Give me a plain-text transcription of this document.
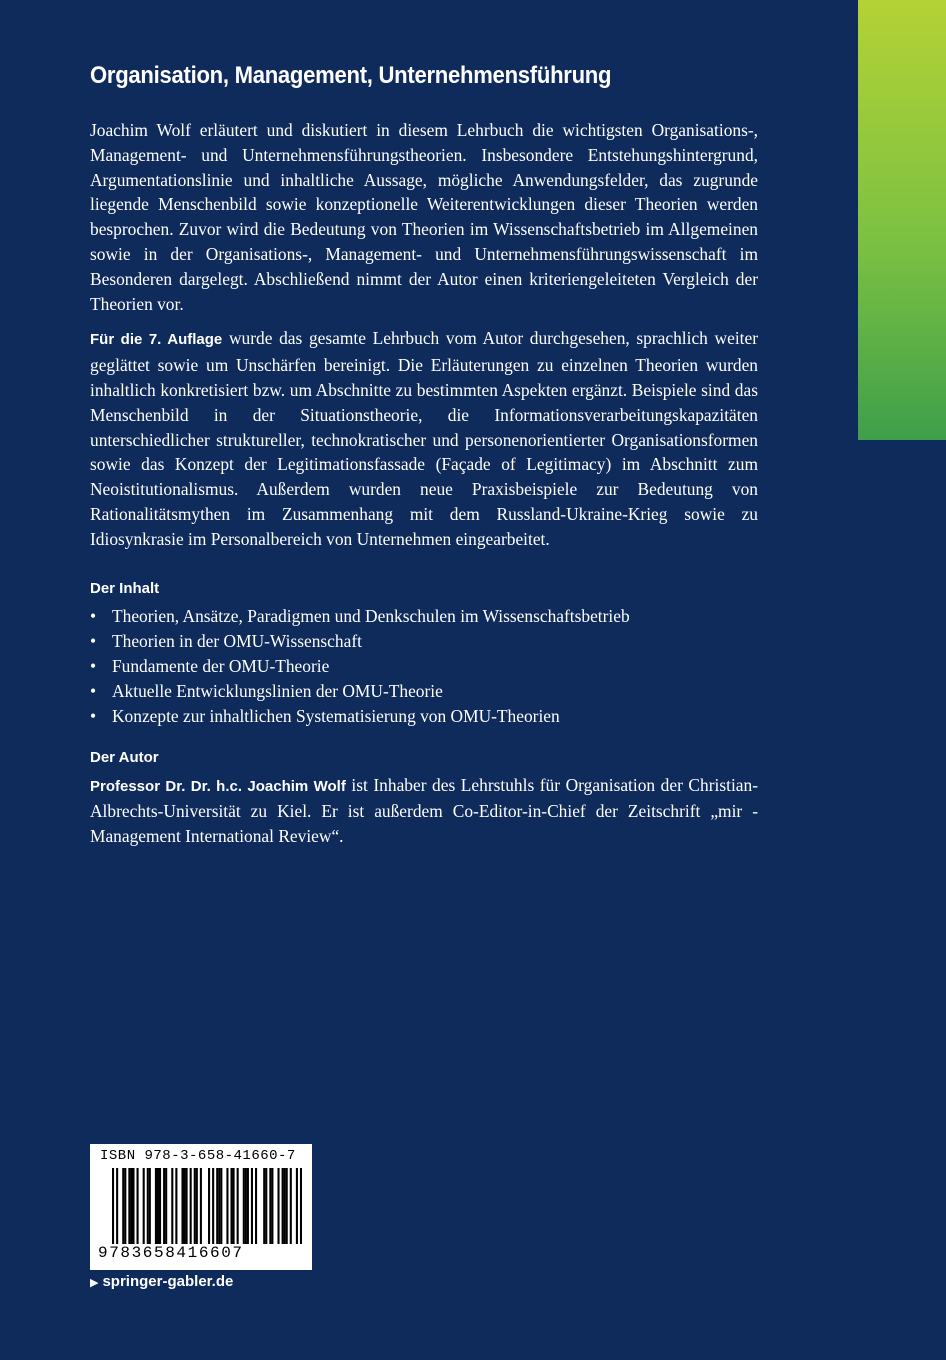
Organisation, Management, Unternehmensführung

Joachim Wolf erläutert und diskutiert in diesem Lehrbuch die wichtigsten Organisations-, Management- und Unternehmensführungstheorien. Insbesondere Entstehungshintergrund, Argumentationslinie und inhaltliche Aussage, mögliche Anwendungsfelder, das zugrunde liegende Menschenbild sowie konzeptionelle Weiterentwicklungen dieser Theorien werden besprochen. Zuvor wird die Bedeutung von Theorien im Wissenschaftsbetrieb im Allgemeinen sowie in der Organisations-, Management- und Unternehmensführungswissenschaft im Besonderen dargelegt. Abschließend nimmt der Autor einen kriteriengeleiteten Vergleich der Theorien vor.

Für die 7. Auflage wurde das gesamte Lehrbuch vom Autor durchgesehen, sprachlich weiter geglättet sowie um Unschärfen bereinigt. Die Erläuterungen zu einzelnen Theorien wurden inhaltlich konkretisiert bzw. um Abschnitte zu bestimmten Aspekten ergänzt. Beispiele sind das Menschenbild in der Situationstheorie, die Informationsverarbeitungskapazitäten unterschiedlicher struktureller, technokratischer und personenorientierter Organisationsformen sowie das Konzept der Legitimationsfassade (Façade of Legitimacy) im Abschnitt zum Neoistitutionalismus. Außerdem wurden neue Praxisbeispiele zur Bedeutung von Rationalitätsmythen im Zusammenhang mit dem Russland-Ukraine-Krieg sowie zu Idiosynkrasie im Personalbereich von Unternehmen eingearbeitet.

Der Inhalt
• Theorien, Ansätze, Paradigmen und Denkschulen im Wissenschaftsbetrieb
• Theorien in der OMU-Wissenschaft
• Fundamente der OMU-Theorie
• Aktuelle Entwicklungslinien der OMU-Theorie
• Konzepte zur inhaltlichen Systematisierung von OMU-Theorien
Der Autor

Professor Dr. Dr. h.c. Joachim Wolf ist Inhaber des Lehrstuhls für Organisation der Christian-Albrechts-Universität zu Kiel. Er ist außerdem Co-Editor-in-Chief der Zeitschrift „mir - Management International Review“.

ISBN 978-3-658-41660-7
9783658416607
▶ springer-gabler.de
